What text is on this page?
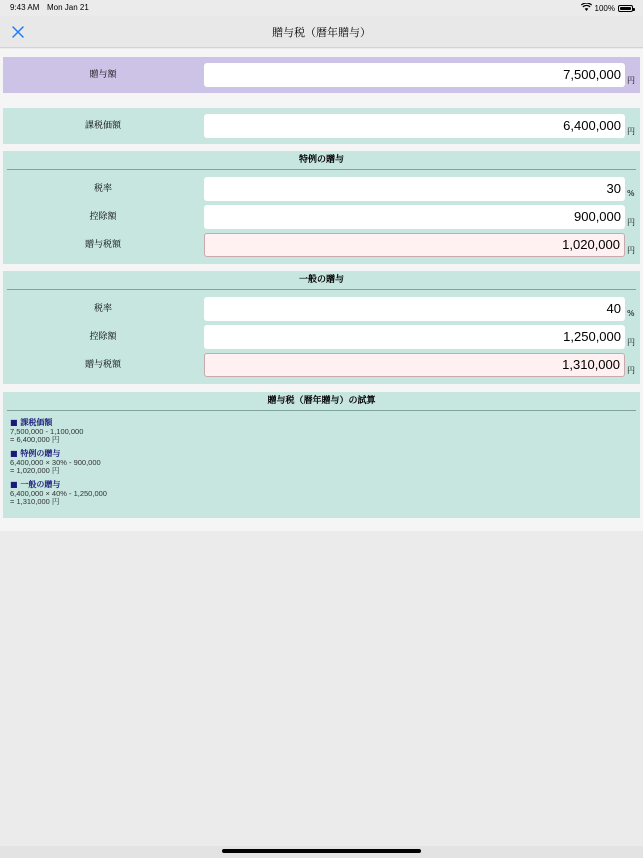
9:43 AM Mon Jan 21	100%
贈与税（暦年贈与）
贈与額	7,500,000 円
課税価額	6,400,000 円
特例の贈与
税率	30 %
控除額	900,000 円
贈与税額	1,020,000 円
一般の贈与
税率	40 %
控除額	1,250,000 円
贈与税額	1,310,000 円
贈与税（暦年贈与）の試算
■ 課税価額
7,500,000 - 1,100,000
= 6,400,000 円
■ 特例の贈与
6,400,000 × 30% - 900,000
= 1,020,000 円
■ 一般の贈与
6,400,000 × 40% - 1,250,000
= 1,310,000 円
